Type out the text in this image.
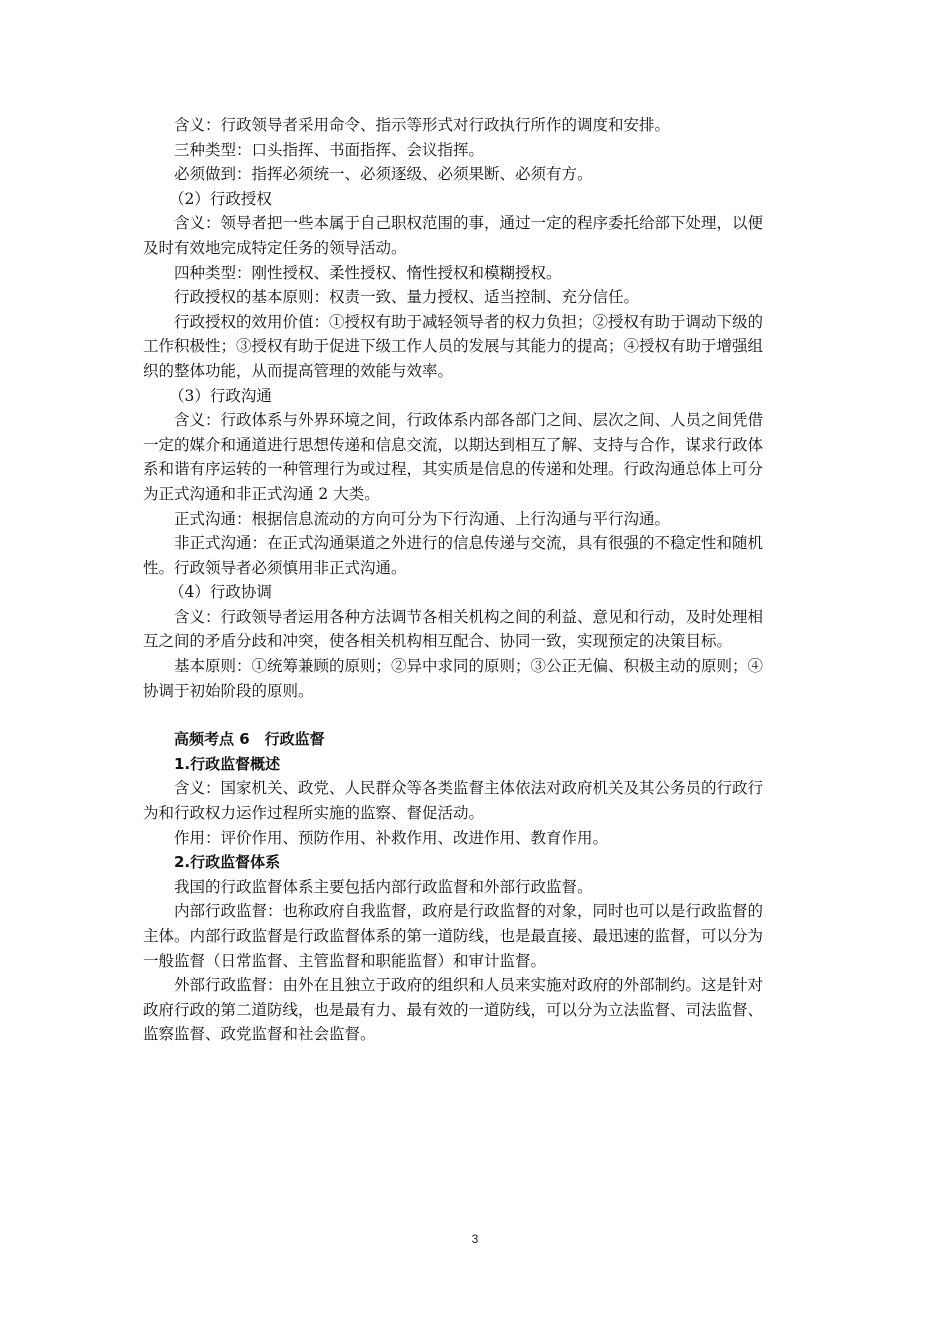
含义：行政领导者采用命令、指示等形式对行政执行所作的调度和安排。
三种类型：口头指挥、书面指挥、会议指挥。
必须做到：指挥必须统一、必须逐级、必须果断、必须有方。
（2）行政授权
含义：领导者把一些本属于自己职权范围的事，通过一定的程序委托给部下处理，以便
及时有效地完成特定任务的领导活动。
四种类型：刚性授权、柔性授权、惰性授权和模糊授权。
行政授权的基本原则：权责一致、量力授权、适当控制、充分信任。
行政授权的效用价值：①授权有助于减轻领导者的权力负担；②授权有助于调动下级的
工作积极性；③授权有助于促进下级工作人员的发展与其能力的提高；④授权有助于增强组
织的整体功能，从而提高管理的效能与效率。
（3）行政沟通
含义：行政体系与外界环境之间，行政体系内部各部门之间、层次之间、人员之间凭借
一定的媒介和通道进行思想传递和信息交流，以期达到相互了解、支持与合作，谋求行政体
系和谐有序运转的一种管理行为或过程，其实质是信息的传递和处理。行政沟通总体上可分
为正式沟通和非正式沟通 2 大类。
正式沟通：根据信息流动的方向可分为下行沟通、上行沟通与平行沟通。
非正式沟通：在正式沟通渠道之外进行的信息传递与交流，具有很强的不稳定性和随机
性。行政领导者必须慎用非正式沟通。
（4）行政协调
含义：行政领导者运用各种方法调节各相关机构之间的利益、意见和行动，及时处理相
互之间的矛盾分歧和冲突，使各相关机构相互配合、协同一致，实现预定的决策目标。
基本原则：①统筹兼顾的原则；②异中求同的原则；③公正无偏、积极主动的原则；④
协调于初始阶段的原则。
高频考点 6　行政监督
1.行政监督概述
含义：国家机关、政党、人民群众等各类监督主体依法对政府机关及其公务员的行政行
为和行政权力运作过程所实施的监察、督促活动。
作用：评价作用、预防作用、补救作用、改进作用、教育作用。
2.行政监督体系
我国的行政监督体系主要包括内部行政监督和外部行政监督。
内部行政监督：也称政府自我监督，政府是行政监督的对象，同时也可以是行政监督的
主体。内部行政监督是行政监督体系的第一道防线，也是最直接、最迅速的监督，可以分为
一般监督（日常监督、主管监督和职能监督）和审计监督。
外部行政监督：由外在且独立于政府的组织和人员来实施对政府的外部制约。这是针对
政府行政的第二道防线，也是最有力、最有效的一道防线，可以分为立法监督、司法监督、
监察监督、政党监督和社会监督。
3
